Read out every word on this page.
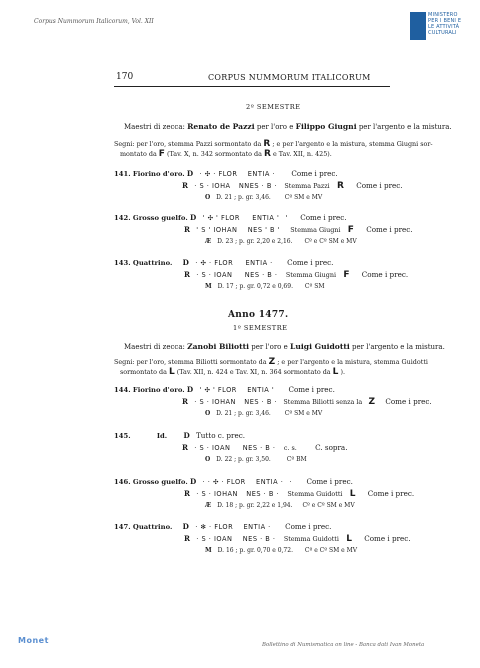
Corpus Nummorum Italicorum, Vol. XII
MINISTERO
PER I BENI E
LE ATTIVITÀ
CULTURALI
170	CORPUS NUMMORUM ITALICORUM
2º SEMESTRE
Maestri di zecca: Renato de Pazzi per l'oro e Filippo Giugni per l'argento e la mistura.
Segni: per l'oro, stemma Pazzi sormontato da R ; e per l'argento e la mistura, stemma Giugni sor-
montato da F (Tav. X, n. 342 sormontato da R e Tav. XII, n. 425).
141. Fiorino d'oro. D · ✣ · FLOR ENTIA · Come i prec.
R · S · IOHA NNES · B · Stemma Pazzi R Come i prec.
O D. 21 ; p. gr. 3,46. Cº SM e MV
142. Grosso guelfo. D ' ✣ ' FLOR ENTIA ' ' Come i prec.
R ' S ' IOHAN NES ' B ' Stemma Giugni F Come i prec.
Æ D. 23 ; p. gr. 2,20 e 2,16. Cº e Cº SM e MV
143. Quattrino. D · ✣ · FLOR ENTIA · Come i prec.
R · S · IOAN NES · B · Stemma Giugni F Come i prec.
M D. 17 ; p. gr. 0,72 e 0,69. Cº SM
Anno 1477.
1º SEMESTRE
Maestri di zecca: Zanobi Biliotti per l'oro e Luigi Guidotti per l'argento e la mistura.
Segni: per l'oro, stemma Biliotti sormontato da Z ; e per l'argento e la mistura, stemma Guidotti
sormontato da L (Tav. XII, n. 424 e Tav. XI, n. 364 sormontato da L ).
144. Fiorino d'oro. D ' ✣ ' FLOR ENTIA ' Come i prec.
R · S · IOHAN NES · B · Stemma Biliotti senza la Z Come i prec.
O D. 21 ; p. gr. 3,46. Cº SM e MV
145.	Id. D Tutto c. prec.
R · S · IOAN NES · B · c. s.	C. sopra.
O D. 22 ; p. gr. 3,50.	Cº BM
146. Grosso guelfo. D · · ✣ · FLOR ENTIA · · Come i prec.
R · S · IOHAN NES · B · Stemma Guidotti L Come i prec.
Æ D. 18 ; p. gr. 2,22 e 1,94. Cº e Cº SM e MV
147. Quattrino. D · ✻ · FLOR ENTIA · Come i prec.
R · S · IOAN NES · B · Stemma Guidotti L Come i prec.
M D. 16 ; p. gr. 0,70 e 0,72. Cº e Cº SM e MV
Monet	Bollettino di Numismatica on line - Banca dati Ivan Moneta
